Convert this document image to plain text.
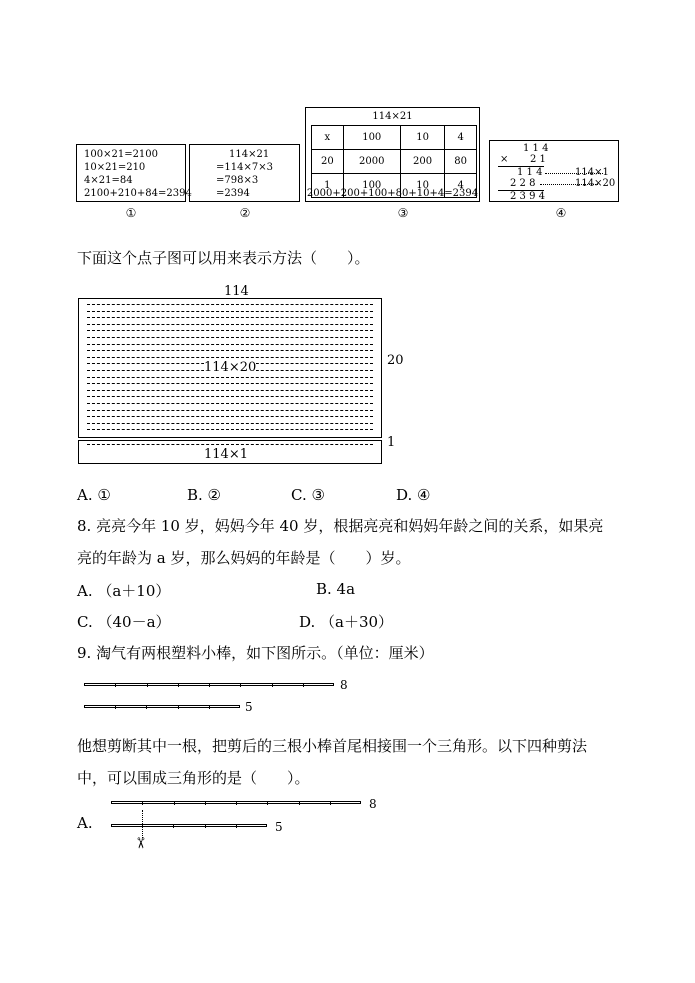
100×21=2100
10×21=210
4×21=84
2100+210+84=2394
①
114×21
=114×7×3
=798×3
=2394
②
114×21
x	100	10	4
20	2000	200	80
1	100	10	4
2000+200+100+80+10+4=2394
③
1 1 4
× 2 1
1 1 4	114×1
2 2 8	114×20
2 3 9 4
④
下面这个点子图可以用来表示方法（　　）。
114
114×20	20
114×1
1
A. ①	B. ②	C. ③	D. ④
8. 亮亮今年 10 岁，妈妈今年 40 岁，根据亮亮和妈妈年龄之间的关系，如果亮
亮的年龄为 a 岁，那么妈妈的年龄是（　　）岁。
A. （a＋10）	B. 4a
C. （40－a）	D. （a＋30）
9. 淘气有两根塑料小棒，如下图所示。（单位：厘米）
8
5
他想剪断其中一根，把剪后的三根小棒首尾相接围一个三角形。以下四种剪法
中，可以围成三角形的是（　　）。
8
5
✂
A.
